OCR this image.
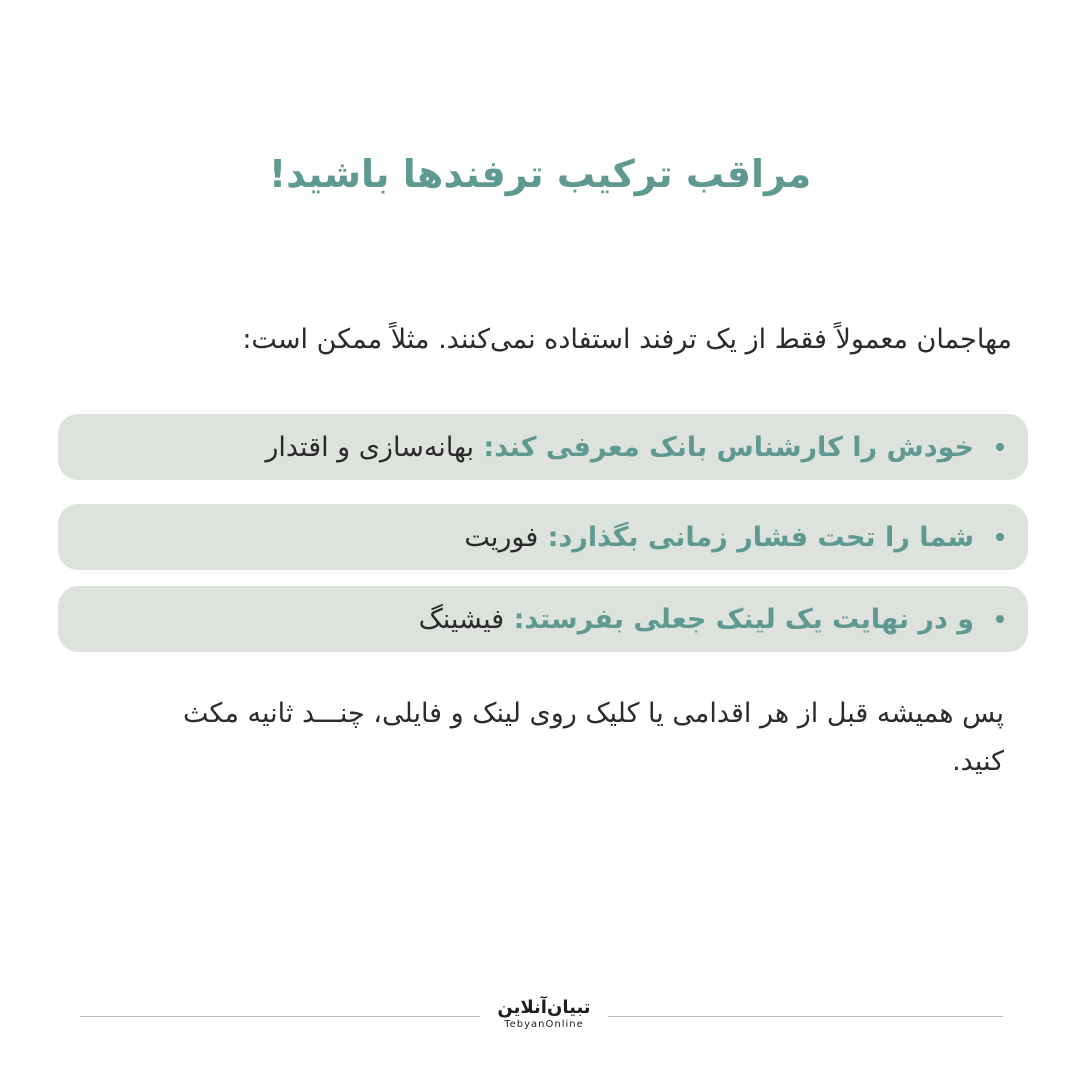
مراقب ترکیب ترفندها باشید!
مهاجمان معمولاً فقط از یک ترفند استفاده نمی‌کنند. مثلاً ممکن است:
خودش را کارشناس بانک معرفی کند:
بهانه‌سازی و اقتدار
شما را تحت فشار زمانی بگذارد:
فوریت
و در نهایت یک لینک جعلی بفرستد:
فیشینگ
پس همیشه قبل از هر اقدامی یا کلیک روی لینک و فایلی، چنـــد ثانیه مکث کنید.
تبیان‌آنلاین
TebyanOnline
